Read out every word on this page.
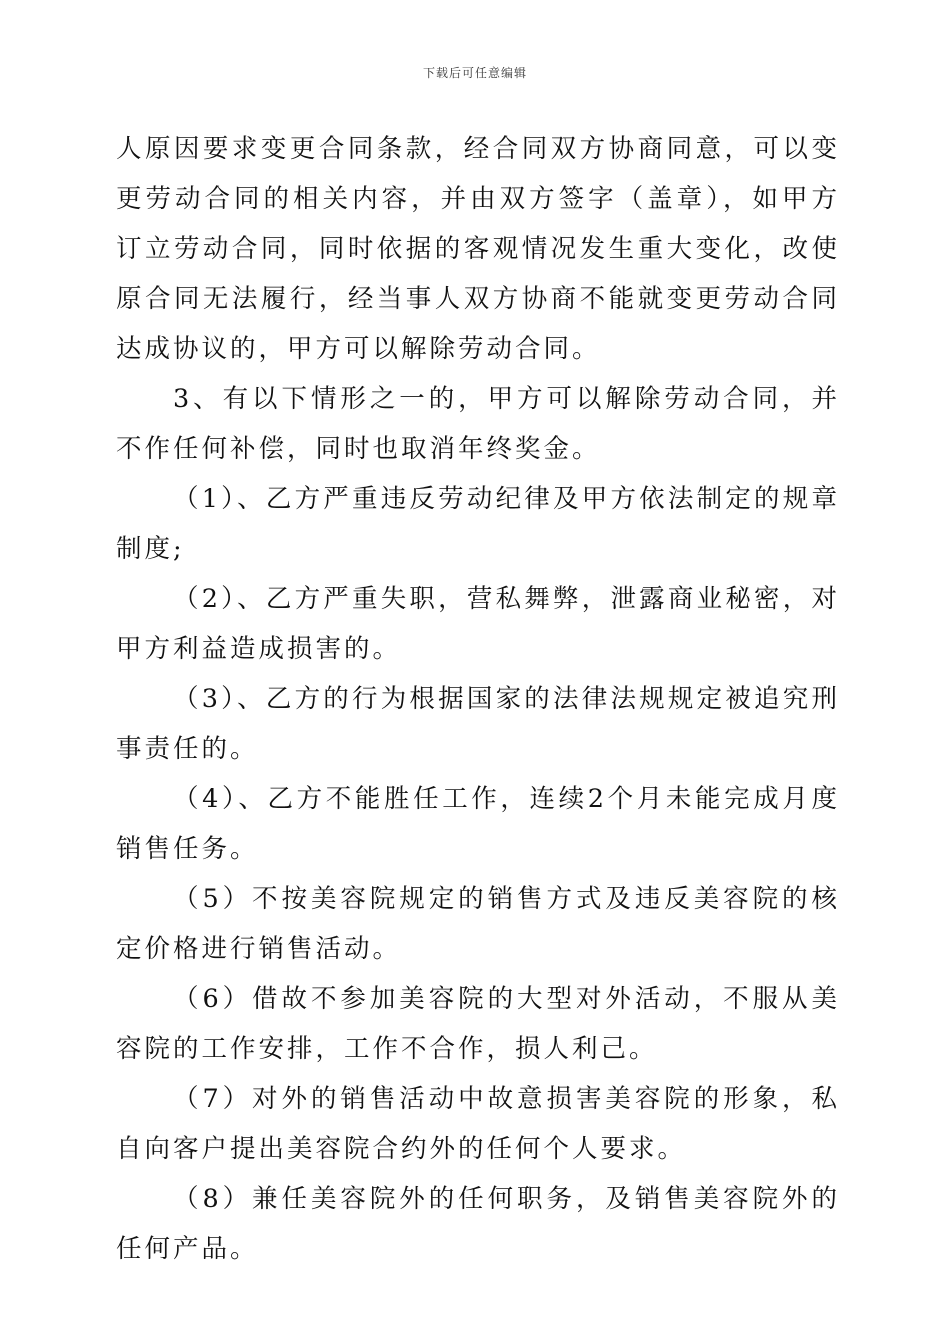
下载后可任意编辑

人原因要求变更合同条款，经合同双方协商同意，可以变更劳动合同的相关内容，并由双方签字（盖章），如甲方订立劳动合同，同时依据的客观情况发生重大变化，改使原合同无法履行，经当事人双方协商不能就变更劳动合同达成协议的，甲方可以解除劳动合同。

3、有以下情形之一的，甲方可以解除劳动合同，并不作任何补偿，同时也取消年终奖金。

（1）、乙方严重违反劳动纪律及甲方依法制定的规章制度;

（2）、乙方严重失职，营私舞弊，泄露商业秘密，对甲方利益造成损害的。

（3）、乙方的行为根据国家的法律法规规定被追究刑事责任的。

（4）、乙方不能胜任工作，连续2个月未能完成月度销售任务。

（5）不按美容院规定的销售方式及违反美容院的核定价格进行销售活动。

（6）借故不参加美容院的大型对外活动，不服从美容院的工作安排，工作不合作，损人利己。

（7）对外的销售活动中故意损害美容院的形象，私自向客户提出美容院合约外的任何个人要求。

（8）兼任美容院外的任何职务，及销售美容院外的任何产品。
